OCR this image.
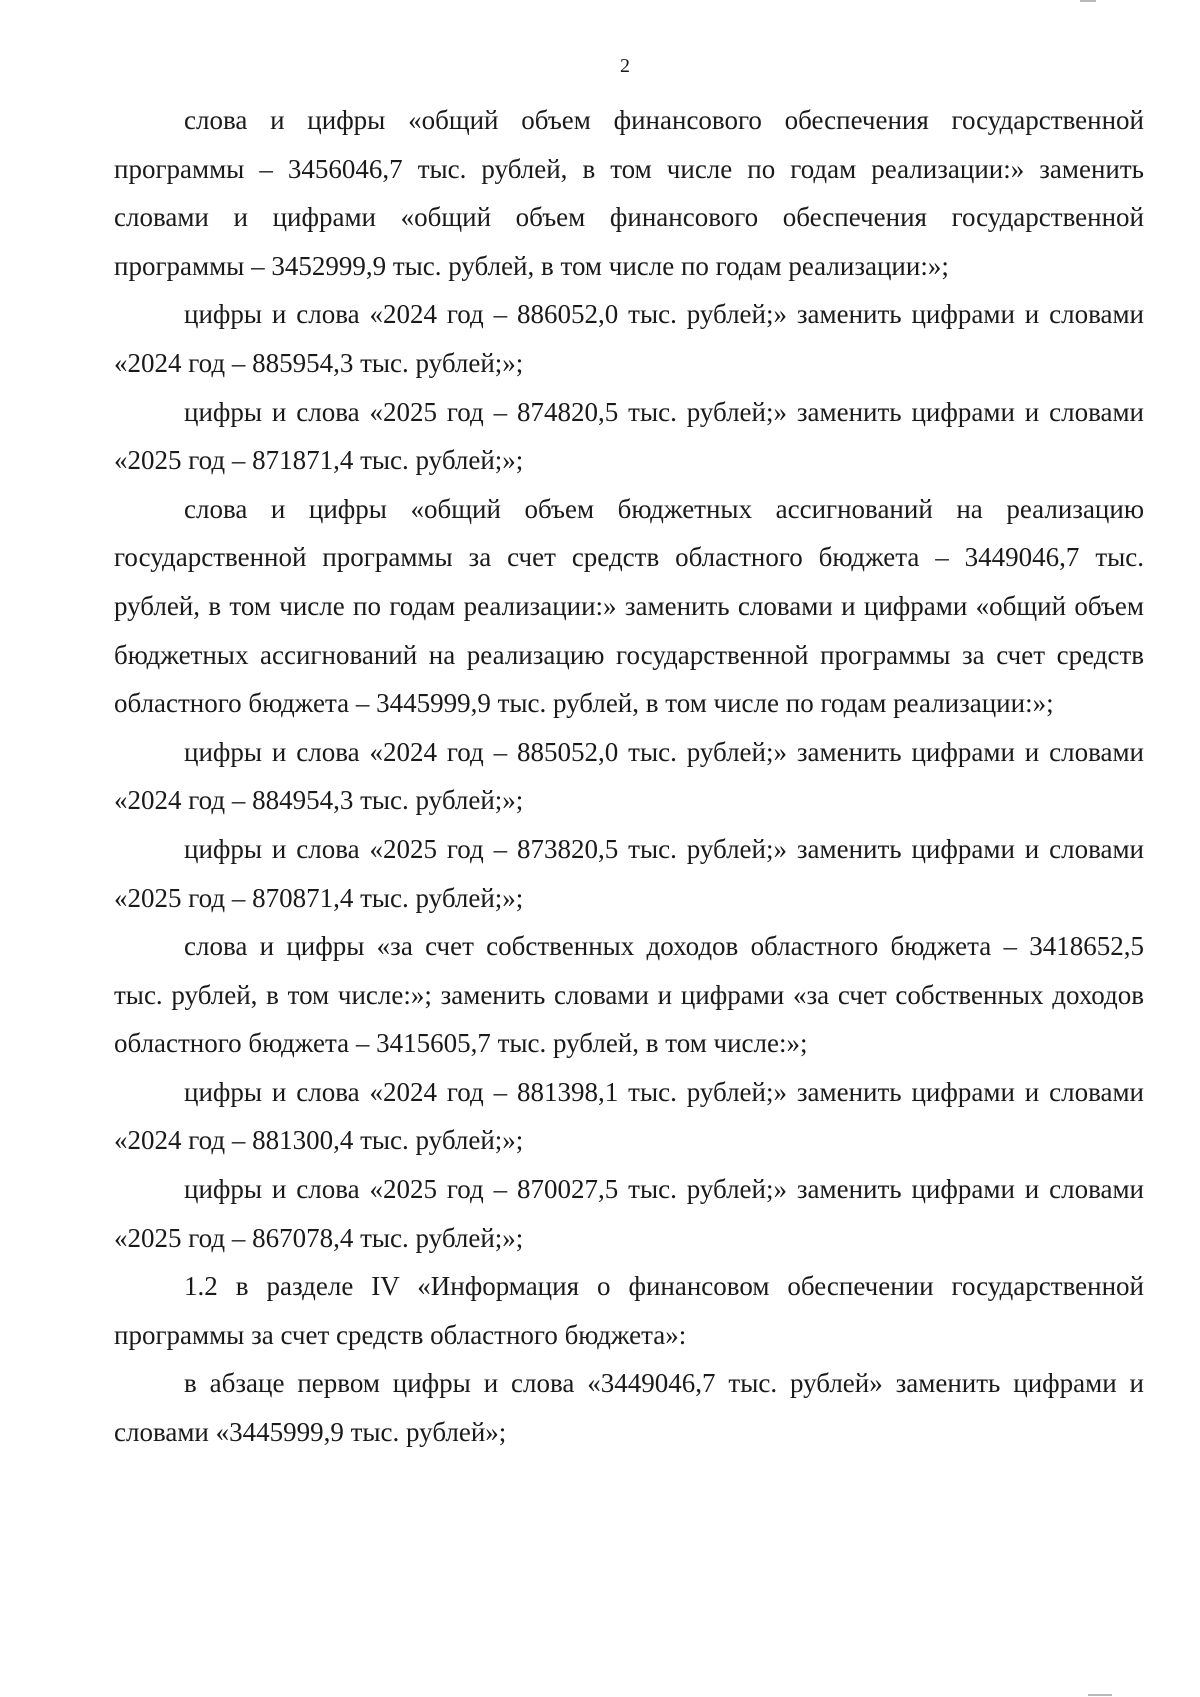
2

слова и цифры «общий объем финансового обеспечения государственной программы – 3456046,7 тыс. рублей, в том числе по годам реализации:» заменить словами и цифрами «общий объем финансового обеспечения государственной программы – 3452999,9 тыс. рублей, в том числе по годам реализации:»;

цифры и слова «2024 год – 886052,0 тыс. рублей;» заменить цифрами и словами «2024 год – 885954,3 тыс. рублей;»;

цифры и слова «2025 год – 874820,5 тыс. рублей;» заменить цифрами и словами «2025 год – 871871,4 тыс. рублей;»;

слова и цифры «общий объем бюджетных ассигнований на реализацию государственной программы за счет средств областного бюджета – 3449046,7 тыс. рублей, в том числе по годам реализации:» заменить словами и цифрами «общий объем бюджетных ассигнований на реализацию государственной программы за счет средств областного бюджета – 3445999,9 тыс. рублей, в том числе по годам реализации:»;

цифры и слова «2024 год – 885052,0 тыс. рублей;» заменить цифрами и словами «2024 год – 884954,3 тыс. рублей;»;

цифры и слова «2025 год – 873820,5 тыс. рублей;» заменить цифрами и словами «2025 год – 870871,4 тыс. рублей;»;

слова и цифры «за счет собственных доходов областного бюджета – 3418652,5 тыс. рублей, в том числе:»; заменить словами и цифрами «за счет собственных доходов областного бюджета – 3415605,7 тыс. рублей, в том числе:»;

цифры и слова «2024 год – 881398,1 тыс. рублей;» заменить цифрами и словами «2024 год – 881300,4 тыс. рублей;»;

цифры и слова «2025 год – 870027,5 тыс. рублей;» заменить цифрами и словами «2025 год – 867078,4 тыс. рублей;»;

1.2 в разделе IV «Информация о финансовом обеспечении государственной программы за счет средств областного бюджета»:

в абзаце первом цифры и слова «3449046,7 тыс. рублей» заменить цифрами и словами «3445999,9 тыс. рублей»;
